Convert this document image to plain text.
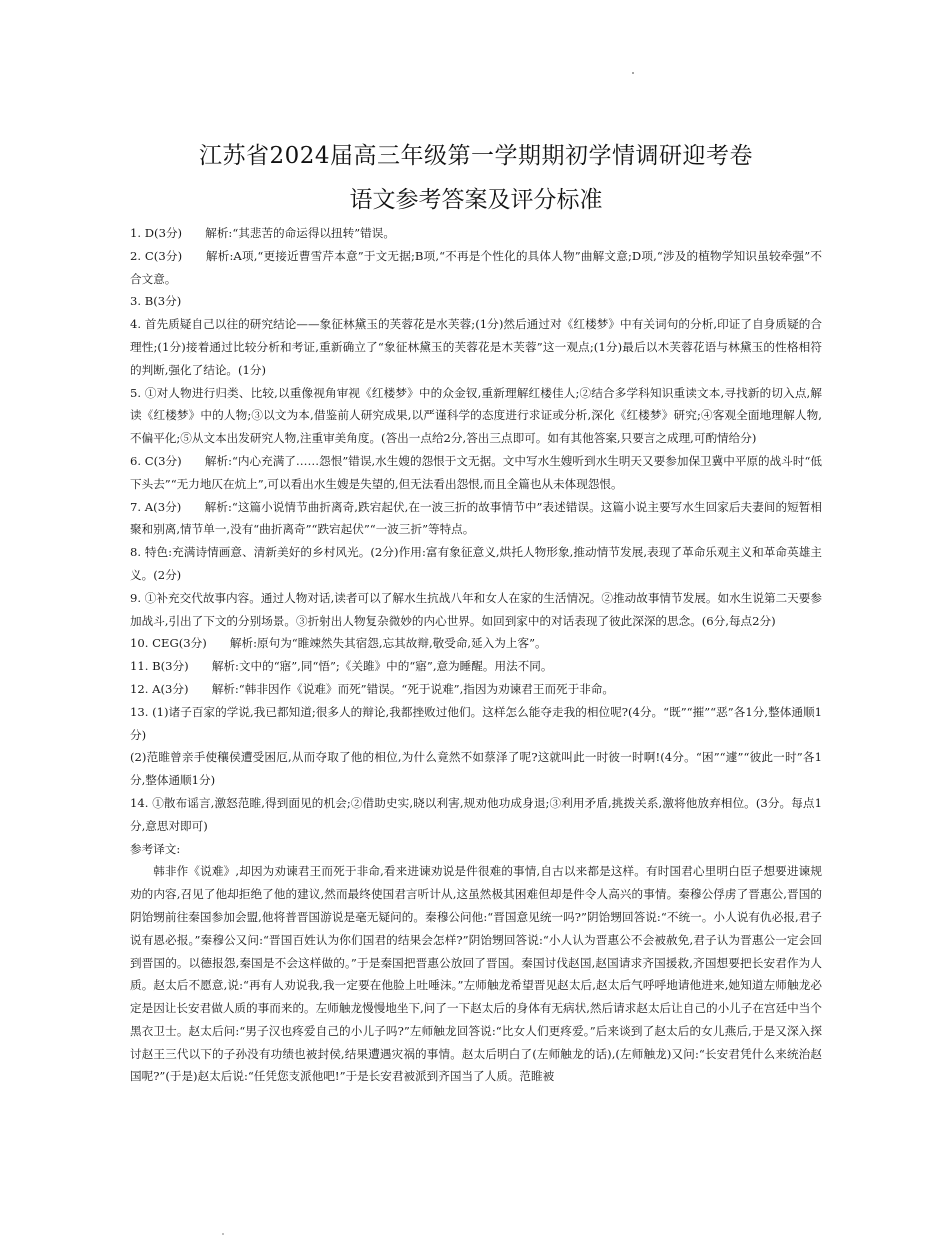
江苏省2024届高三年级第一学期期初学情调研迎考卷
语文参考答案及评分标准

1. D(3分)　　解析:“其悲苦的命运得以扭转”错误。

2. C(3分)　　解析:A项,“更接近曹雪芹本意”于文无据;B项,“不再是个性化的具体人物”曲解文意;D项,“涉及的植物学知识虽较牵强”不合文意。

3. B(3分)

4. 首先质疑自己以往的研究结论——象征林黛玉的芙蓉花是水芙蓉;(1分)然后通过对《红楼梦》中有关词句的分析,印证了自身质疑的合理性;(1分)接着通过比较分析和考证,重新确立了“象征林黛玉的芙蓉花是木芙蓉”这一观点;(1分)最后以木芙蓉花语与林黛玉的性格相符的判断,强化了结论。(1分)

5. ①对人物进行归类、比较,以重像视角审视《红楼梦》中的众金钗,重新理解红楼佳人;②结合多学科知识重读文本,寻找新的切入点,解读《红楼梦》中的人物;③以文为本,借鉴前人研究成果,以严谨科学的态度进行求证或分析,深化《红楼梦》研究;④客观全面地理解人物,不偏平化;⑤从文本出发研究人物,注重审美角度。(答出一点给2分,答出三点即可。如有其他答案,只要言之成理,可酌情给分)

6. C(3分)　　解析:“内心充满了……怨恨”错误,水生嫂的怨恨于文无据。文中写水生嫂听到水生明天又要参加保卫冀中平原的战斗时“低下头去”“无力地仄在炕上”,可以看出水生嫂是失望的,但无法看出怨恨,而且全篇也从未体现怨恨。

7. A(3分)　　解析:“这篇小说情节曲折离奇,跌宕起伏,在一波三折的故事情节中”表述错误。这篇小说主要写水生回家后夫妻间的短暂相聚和别离,情节单一,没有“曲折离奇”“跌宕起伏”“一波三折”等特点。

8. 特色:充满诗情画意、清新美好的乡村风光。(2分)作用:富有象征意义,烘托人物形象,推动情节发展,表现了革命乐观主义和革命英雄主义。(2分)

9. ①补充交代故事内容。通过人物对话,读者可以了解水生抗战八年和女人在家的生活情况。②推动故事情节发展。如水生说第二天要参加战斗,引出了下文的分别场景。③折射出人物复杂微妙的内心世界。如回到家中的对话表现了彼此深深的思念。(6分,每点2分)

10. CEG(3分)　　解析:原句为“睢竦然失其宿怨,忘其故辩,敬受命,延入为上客”。

11. B(3分)　　解析:文中的“寤”,同“悟”;《关雎》中的“寤”,意为睡醒。用法不同。

12. A(3分)　　解析:“韩非因作《说难》而死”错误。“死于说难”,指因为劝谏君王而死于非命。

13. (1)诸子百家的学说,我已都知道;很多人的辩论,我都挫败过他们。这样怎么能夺走我的相位呢?(4分。“既”“摧”“恶”各1分,整体通顺1分)

(2)范睢曾亲手使穰侯遭受困厄,从而夺取了他的相位,为什么竟然不如蔡泽了呢?这就叫此一时彼一时啊!(4分。“困”“遽”“彼此一时”各1分,整体通顺1分)

14. ①散布谣言,激怒范睢,得到面见的机会;②借助史实,晓以利害,规劝他功成身退;③利用矛盾,挑拨关系,激将他放弃相位。(3分。每点1分,意思对即可)

参考译文:

韩非作《说难》,却因为劝谏君王而死于非命,看来进谏劝说是件很难的事情,自古以来都是这样。有时国君心里明白臣子想要进谏规劝的内容,召见了他却拒绝了他的建议,然而最终使国君言听计从,这虽然极其困难但却是件令人高兴的事情。秦穆公俘虏了晋惠公,晋国的阴饴甥前往秦国参加会盟,他将普晋国游说是毫无疑问的。秦穆公问他:“晋国意见统一吗?”阴饴甥回答说:“不统一。小人说有仇必报,君子说有恩必报。”秦穆公又问:“晋国百姓认为你们国君的结果会怎样?”阴饴甥回答说:“小人认为晋惠公不会被赦免,君子认为晋惠公一定会回到晋国的。以德报怨,秦国是不会这样做的。”于是秦国把晋惠公放回了晋国。秦国讨伐赵国,赵国请求齐国援救,齐国想要把长安君作为人质。赵太后不愿意,说:“再有人劝说我,我一定要在他脸上吐唾沫。”左师触龙希望晋见赵太后,赵太后气呼呼地请他进来,她知道左师触龙必定是因让长安君做人质的事而来的。左师触龙慢慢地坐下,问了一下赵太后的身体有无病状,然后请求赵太后让自己的小儿子在宫廷中当个黑衣卫士。赵太后问:“男子汉也疼爱自己的小儿子吗?”左师触龙回答说:“比女人们更疼爱。”后来谈到了赵太后的女儿燕后,于是又深入探讨赵王三代以下的子孙没有功绩也被封侯,结果遭遇灾祸的事情。赵太后明白了(左师触龙的话),(左师触龙)又问:“长安君凭什么来统治赵国呢?”(于是)赵太后说:“任凭您支派他吧!”于是长安君被派到齐国当了人质。范睢被
